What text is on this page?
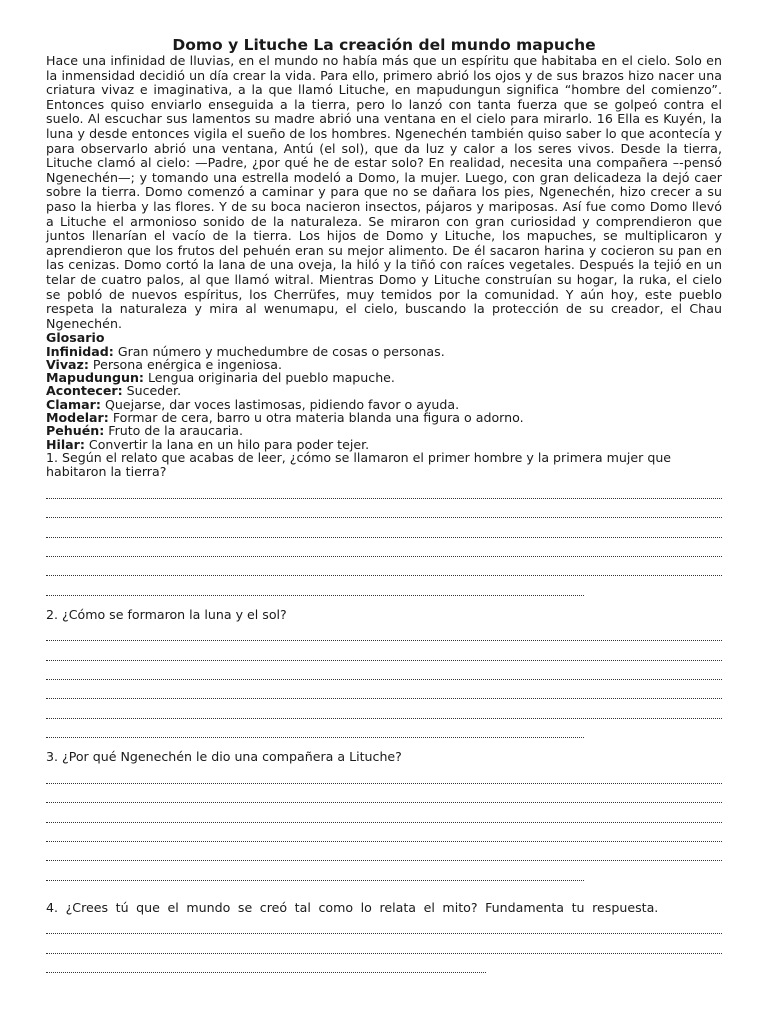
Domo y Lituche La creación del mundo mapuche

Hace una infinidad de lluvias, en el mundo no había más que un espíritu que habitaba en el cielo. Solo en la inmensidad decidió un día crear la vida. Para ello, primero abrió los ojos y de sus brazos hizo nacer una criatura vivaz e imaginativa, a la que llamó Lituche, en mapudungun significa “hombre del comienzo”. Entonces quiso enviarlo enseguida a la tierra, pero lo lanzó con tanta fuerza que se golpeó contra el suelo. Al escuchar sus lamentos su madre abrió una ventana en el cielo para mirarlo. 16 Ella es Kuyén, la luna y desde entonces vigila el sueño de los hombres. Ngenechén también quiso saber lo que acontecía y para observarlo abrió una ventana, Antú (el sol), que da luz y calor a los seres vivos. Desde la tierra, Lituche clamó al cielo: —Padre, ¿por qué he de estar solo? En realidad, necesita una compañera –-pensó Ngenechén—; y tomando una estrella modeló a Domo, la mujer. Luego, con gran delicadeza la dejó caer sobre la tierra. Domo comenzó a caminar y para que no se dañara los pies, Ngenechén, hizo crecer a su paso la hierba y las flores. Y de su boca nacieron insectos, pájaros y mariposas. Así fue como Domo llevó a Lituche el armonioso sonido de la naturaleza. Se miraron con gran curiosidad y comprendieron que juntos llenarían el vacío de la tierra. Los hijos de Domo y Lituche, los mapuches, se multiplicaron y aprendieron que los frutos del pehuén eran su mejor alimento. De él sacaron harina y cocieron su pan en las cenizas. Domo cortó la lana de una oveja, la hiló y la tiñó con raíces vegetales. Después la tejió en un telar de cuatro palos, al que llamó witral. Mientras Domo y Lituche construían su hogar, la ruka, el cielo se pobló de nuevos espíritus, los Cherrüfes, muy temidos por la comunidad. Y aún hoy, este pueblo respeta la naturaleza y mira al wenumapu, el cielo, buscando la protección de su creador, el Chau Ngenechén.

Glosario

Infinidad: Gran número y muchedumbre de cosas o personas.

Vivaz: Persona enérgica e ingeniosa.

Mapudungun: Lengua originaria del pueblo mapuche.

Acontecer: Suceder.

Clamar: Quejarse, dar voces lastimosas, pidiendo favor o ayuda.

Modelar: Formar de cera, barro u otra materia blanda una figura o adorno.

Pehuén: Fruto de la araucaria.

Hilar: Convertir la lana en un hilo para poder tejer.

1. Según el relato que acabas de leer, ¿cómo se llamaron el primer hombre y la primera mujer que habitaron la tierra?

2. ¿Cómo se formaron la luna y el sol?

3. ¿Por qué Ngenechén le dio una compañera a Lituche?

4. ¿Crees tú que el mundo se creó tal como lo relata el mito? Fundamenta tu respuesta.
